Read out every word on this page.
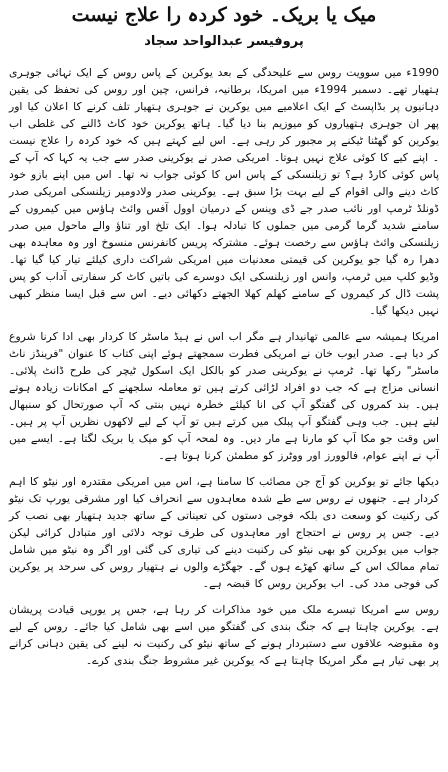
میک یا بریک۔ خود کردہ را علاج نیست
پروفیسر عبدالواحد سجاد

1990ء میں سوویت روس سے علیحدگی کے بعد یوکرین کے پاس روس کے ایک تہائی جوہری ہتھیار تھے۔ دسمبر 1994ء میں امریکا، برطانیہ، فرانس، چین اور روس کی تحفظ کی یقین دہانیوں پر بڈاپسٹ کے ایک اعلامیے میں یوکرین نے جوہری ہتھیار تلف کرنے کا اعلان کیا اور پھر ان جوہری ہتھیاروں کو میوزیم بنا دیا گیا۔ ہاتھ یوکرین خود کاٹ ڈالنے کی غلطی اب یوکرین کو گھٹنا ٹیکنے پر مجبور کر رہی ہے۔ اس لیے کہتے ہیں کہ خود کردہ را علاج نیست ۔ اپنے کیے کا کوئی علاج نہیں ہوتا۔ امریکی صدر نے یوکرینی صدر سے جب یہ کہا کہ آپ کے پاس کوئی کارڈ ہے؟ تو زیلنسکی کے پاس اس کا کوئی جواب نہ تھا۔ اس میں اپنے بازو خود کاٹ دینے والی اقوام کے لیے بہت بڑا سبق ہے۔ یوکرینی صدر ولادومیر زیلنسکی امریکی صدر ڈونلڈ ٹرمپ اور نائب صدر جے ڈی وینس کے درمیان اوول آفس وائٹ ہاؤس میں کیمروں کے سامنے شدید گرما گرمی میں جملوں کا تبادلہ ہوا۔ ایک تلخ اور تناؤ والے ماحول میں صدر زیلنسکی وائٹ ہاؤس سے رخصت ہوئے۔ مشترکہ پریس کانفرنس منسوخ اور وہ معاہدہ بھی دھرا رہ گیا جو یوکرین کی قیمتی معدنیات میں امریکی شراکت داری کیلئے تیار کیا گیا تھا۔ وڈیو کلپ میں ٹرمپ، وانس اور زیلنسکی ایک دوسرے کی باتیں کاٹ کر سفارتی آداب کو پس پشت ڈال کر کیمروں کے سامنے کھلم کھلا الجھتے دکھائی دیے۔ اس سے قبل ایسا منظر کبھی نہیں دیکھا گیا۔

امریکا ہمیشہ سے عالمی تھانیدار ہے مگر اب اس نے ہیڈ ماسٹر کا کردار بھی ادا کرنا شروع کر دیا ہے۔ صدر ایوب خان نے امریکی فطرت سمجھتے ہوئے اپنی کتاب کا عنوان "فرینڈز ناٹ ماسٹر" رکھا تھا۔ ٹرمپ نے یوکرینی صدر کو بالکل ایک اسکول ٹیچر کی طرح ڈانٹ پلائی۔ انسانی مزاج ہے کہ جب دو افراد لڑائی کرتے ہیں تو معاملہ سلجھنے کے امکانات زیادہ ہوتے ہیں۔ بند کمروں کی گفتگو آپ کی انا کیلئے خطرہ نہیں بنتی کہ آپ صورتحال کو سنبھال لیتے ہیں۔ جب وہی گفتگو آپ پبلک میں کرتے ہیں تو آپ کے لیے لاکھوں نظریں آپ پر ہیں۔ اس وقت جو مکا آپ کو مارنا ہے مار دیں۔ وہ لمحہ آپ کو میک یا بریک لگتا ہے۔ ایسے میں آپ نے اپنے عوام، فالوورز اور ووٹرز کو مطمئن کرنا ہوتا ہے۔

دیکھا جائے تو یوکرین کو آج جن مصائب کا سامنا ہے، اس میں امریکی مقتدرہ اور نیٹو کا اہم کردار ہے۔ جنھوں نے روس سے طے شدہ معاہدوں سے انحراف کیا اور مشرقی یورپ تک نیٹو کی رکنیت کو وسعت دی بلکہ فوجی دستوں کی تعیناتی کے ساتھ جدید ہتھیار بھی نصب کر دیے۔ جس پر روس نے احتجاج اور معاہدوں کی طرف توجہ دلائی اور متبادل کرائی لیکن جواب میں یوکرین کو بھی نیٹو کی رکنیت دینے کی تیاری کی گئی اور اگر وہ نیٹو میں شامل تمام ممالک اس کے ساتھ کھڑے ہوں گے۔ جھگڑے والوں نے ہتھیار روس کی سرحد پر یوکرین کی فوجی مدد کی۔ اب یوکرین روس کا قبضہ ہے۔

روس سے امریکا تیسرے ملک میں خود مذاکرات کر رہا ہے، جس پر یورپی قیادت پریشان ہے۔ یوکرین چاہتا ہے کہ جنگ بندی کی گفتگو میں اسے بھی شامل کیا جائے۔ روس کے لیے وہ مقبوضہ علاقوں سے دستبردار ہونے کے ساتھ نیٹو کی رکنیت نہ لینے کی یقین دہانی کرانے پر بھی تیار ہے مگر امریکا چاہتا ہے کہ یوکرین غیر مشروط جنگ بندی کرے۔
